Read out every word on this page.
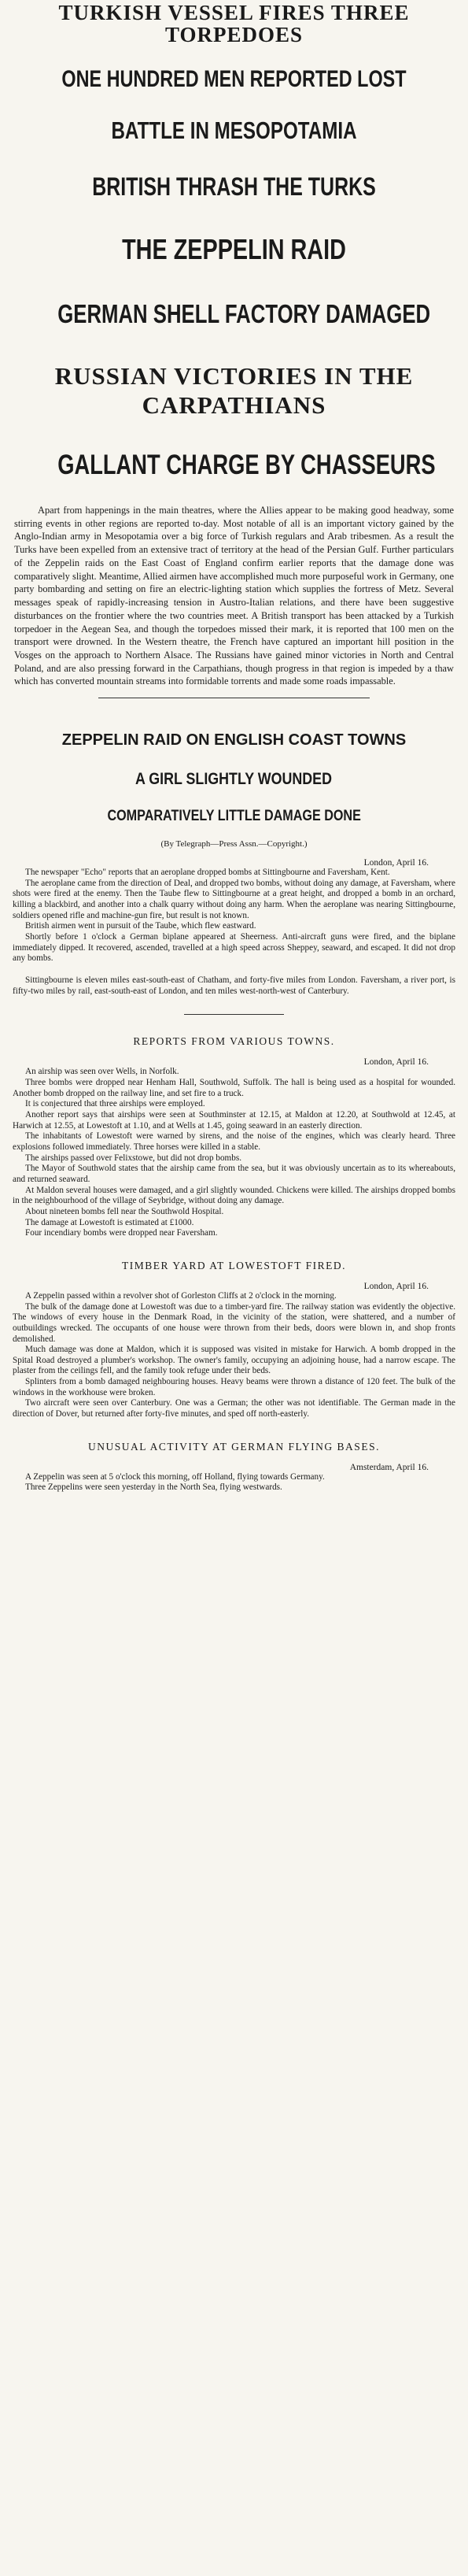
TURKISH VESSEL FIRES THREE TORPEDOES
ONE HUNDRED MEN REPORTED LOST
BATTLE IN MESOPOTAMIA
BRITISH THRASH THE TURKS
THE ZEPPELIN RAID
GERMAN SHELL FACTORY DAMAGED
RUSSIAN VICTORIES IN THE CARPATHIANS
GALLANT CHARGE BY CHASSEURS

Apart from happenings in the main theatres, where the Allies appear to be making good headway, some stirring events in other regions are reported to-day. Most notable of all is an important victory gained by the Anglo-Indian army in Mesopotamia over a big force of Turkish regulars and Arab tribesmen. As a result the Turks have been expelled from an extensive tract of territory at the head of the Persian Gulf. Further particulars of the Zeppelin raids on the East Coast of England confirm earlier reports that the damage done was comparatively slight. Meantime, Allied airmen have accomplished much more purposeful work in Germany, one party bombarding and setting on fire an electric-lighting station which supplies the fortress of Metz. Several messages speak of rapidly-increasing tension in Austro-Italian relations, and there have been suggestive disturbances on the frontier where the two countries meet. A British transport has been attacked by a Turkish torpedoer in the Aegean Sea, and though the torpedoes missed their mark, it is reported that 100 men on the transport were drowned. In the Western theatre, the French have captured an important hill position in the Vosges on the approach to Northern Alsace. The Russians have gained minor victories in North and Central Poland, and are also pressing forward in the Carpathians, though progress in that region is impeded by a thaw which has converted mountain streams into formidable torrents and made some roads impassable.

ZEPPELIN RAID ON ENGLISH COAST TOWNS
A GIRL SLIGHTLY WOUNDED
COMPARATIVELY LITTLE DAMAGE DONE
(By Telegraph—Press Assn.—Copyright.)
London, April 16.

The newspaper "Echo" reports that an aeroplane dropped bombs at Sittingbourne and Faversham, Kent.

The aeroplane came from the direction of Deal, and dropped two bombs, without doing any damage, at Faversham, where shots were fired at the enemy. Then the Taube flew to Sittingbourne at a great height, and dropped a bomb in an orchard, killing a blackbird, and another into a chalk quarry without doing any harm. When the aeroplane was nearing Sittingbourne, soldiers opened rifle and machine-gun fire, but result is not known.

British airmen went in pursuit of the Taube, which flew eastward.

Shortly before 1 o'clock a German biplane appeared at Sheerness. Anti-aircraft guns were fired, and the biplane immediately dipped. It recovered, ascended, travelled at a high speed across Sheppey, seaward, and escaped. It did not drop any bombs.

Sittingbourne is eleven miles east-south-east of Chatham, and forty-five miles from London. Faversham, a river port, is fifty-two miles by rail, east-south-east of London, and ten miles west-north-west of Canterbury.

REPORTS FROM VARIOUS TOWNS.
London, April 16.

An airship was seen over Wells, in Norfolk.

Three bombs were dropped near Henham Hall, Southwold, Suffolk. The hall is being used as a hospital for wounded. Another bomb dropped on the railway line, and set fire to a truck.

It is conjectured that three airships were employed.

Another report says that airships were seen at Southminster at 12.15, at Maldon at 12.20, at Southwold at 12.45, at Harwich at 12.55, at Lowestoft at 1.10, and at Wells at 1.45, going seaward in an easterly direction.

The inhabitants of Lowestoft were warned by sirens, and the noise of the engines, which was clearly heard. Three explosions followed immediately. Three horses were killed in a stable.

The airships passed over Felixstowe, but did not drop bombs.

The Mayor of Southwold states that the airship came from the sea, but it was obviously uncertain as to its whereabouts, and returned seaward.

At Maldon several houses were damaged, and a girl slightly wounded. Chickens were killed. The airships dropped bombs in the neighbourhood of the village of Seybridge, without doing any damage.

About nineteen bombs fell near the Southwold Hospital.

The damage at Lowestoft is estimated at £1000.

Four incendiary bombs were dropped near Faversham.

TIMBER YARD AT LOWESTOFT FIRED.
London, April 16.

A Zeppelin passed within a revolver shot of Gorleston Cliffs at 2 o'clock in the morning.

The bulk of the damage done at Lowestoft was due to a timber-yard fire. The railway station was evidently the objective. The windows of every house in the Denmark Road, in the vicinity of the station, were shattered, and a number of outbuildings wrecked. The occupants of one house were thrown from their beds, doors were blown in, and shop fronts demolished.

Much damage was done at Maldon, which it is supposed was visited in mistake for Harwich. A bomb dropped in the Spital Road destroyed a plumber's workshop. The owner's family, occupying an adjoining house, had a narrow escape. The plaster from the ceilings fell, and the family took refuge under their beds.

Splinters from a bomb damaged neighbouring houses. Heavy beams were thrown a distance of 120 feet. The bulk of the windows in the workhouse were broken.

Two aircraft were seen over Canterbury. One was a German; the other was not identifiable. The German made in the direction of Dover, but returned after forty-five minutes, and sped off north-easterly.

UNUSUAL ACTIVITY AT GERMAN FLYING BASES.
Amsterdam, April 16.

A Zeppelin was seen at 5 o'clock this morning, off Holland, flying towards Germany.

Three Zeppelins were seen yesterday in the North Sea, flying westwards.
